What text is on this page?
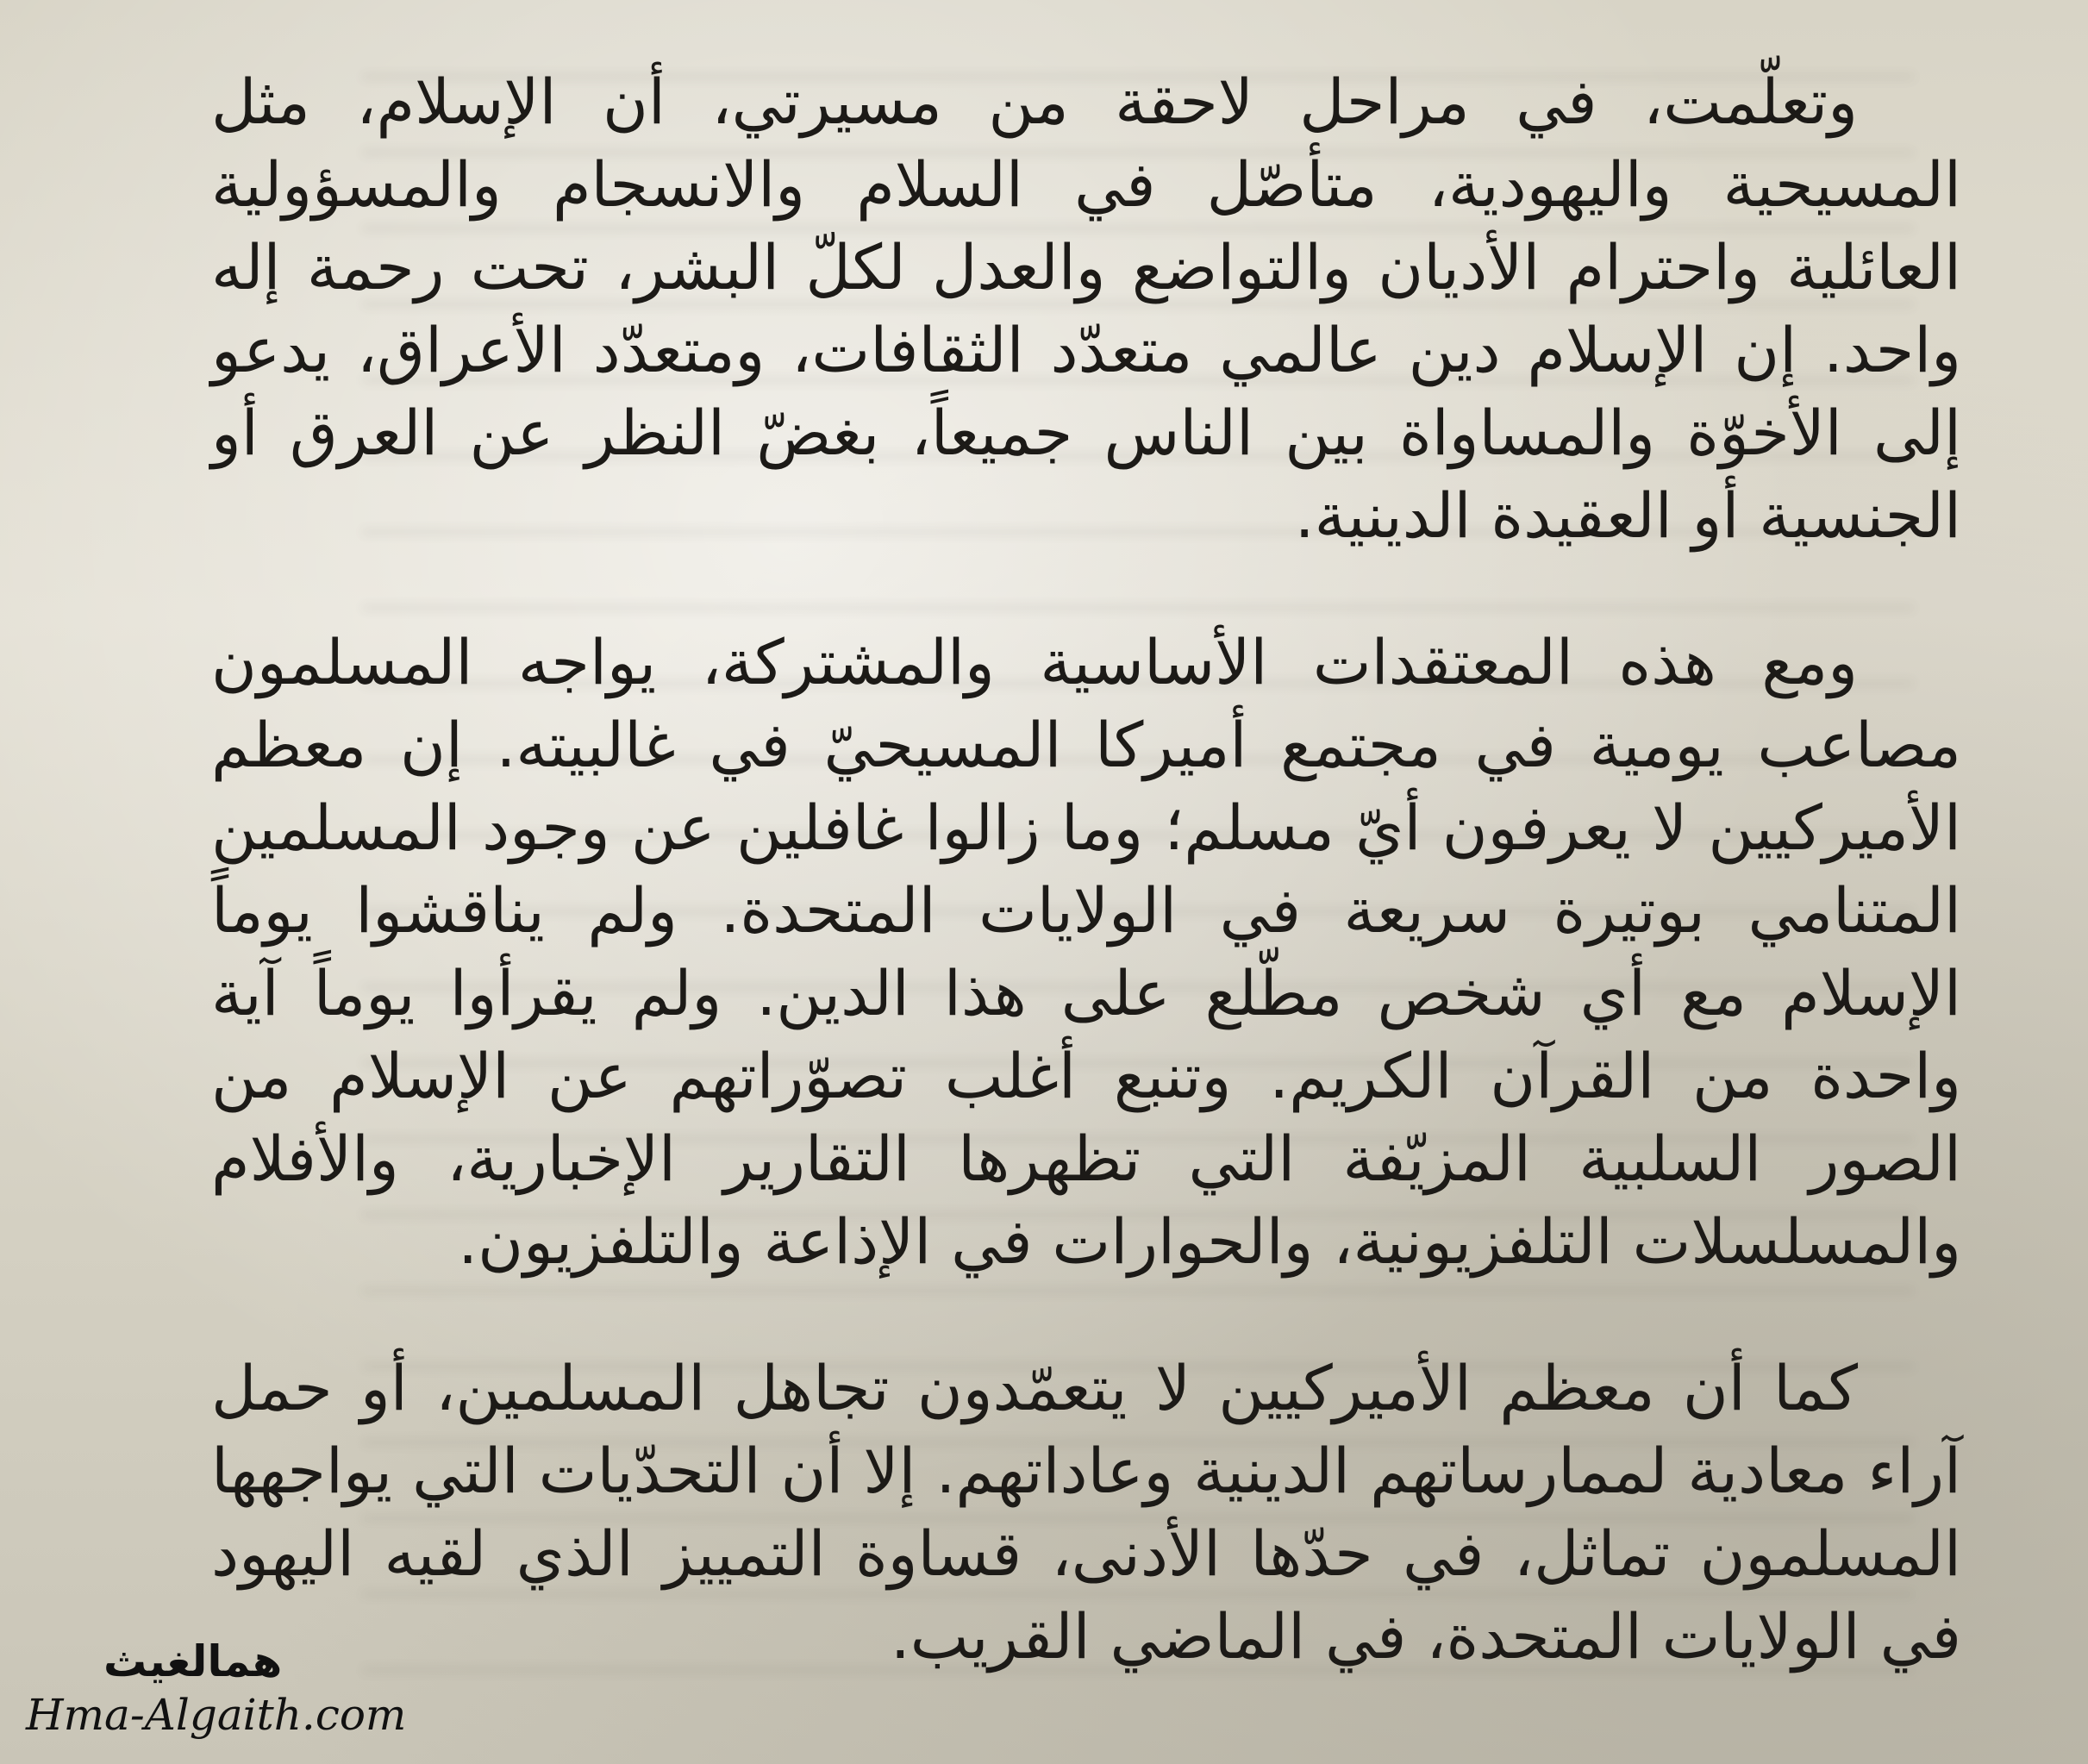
وتعلّمت، في مراحل لاحقة من مسيرتي، أن الإسلام، مثل المسيحية واليهودية، متأصّل في السلام والانسجام والمسؤولية العائلية واحترام الأديان والتواضع والعدل لكلّ البشر، تحت رحمة إله واحد. إن الإسلام دين عالمي متعدّد الثقافات، ومتعدّد الأعراق، يدعو إلى الأخوّة والمساواة بين الناس جميعاً، بغضّ النظر عن العرق أو الجنسية أو العقيدة الدينية.

ومع هذه المعتقدات الأساسية والمشتركة، يواجه المسلمون مصاعب يومية في مجتمع أميركا المسيحيّ في غالبيته. إن معظم الأميركيين لا يعرفون أيّ مسلم؛ وما زالوا غافلين عن وجود المسلمين المتنامي بوتيرة سريعة في الولايات المتحدة. ولم يناقشوا يوماً الإسلام مع أي شخص مطّلع على هذا الدين. ولم يقرأوا يوماً آية واحدة من القرآن الكريم. وتنبع أغلب تصوّراتهم عن الإسلام من الصور السلبية المزيّفة التي تظهرها التقارير الإخبارية، والأفلام والمسلسلات التلفزيونية، والحوارات في الإذاعة والتلفزيون.

كما أن معظم الأميركيين لا يتعمّدون تجاهل المسلمين، أو حمل آراء معادية لممارساتهم الدينية وعاداتهم. إلا أن التحدّيات التي يواجهها المسلمون تماثل، في حدّها الأدنى، قساوة التمييز الذي لقيه اليهود في الولايات المتحدة، في الماضي القريب.

همالغيث
Hma-Algaith.com
